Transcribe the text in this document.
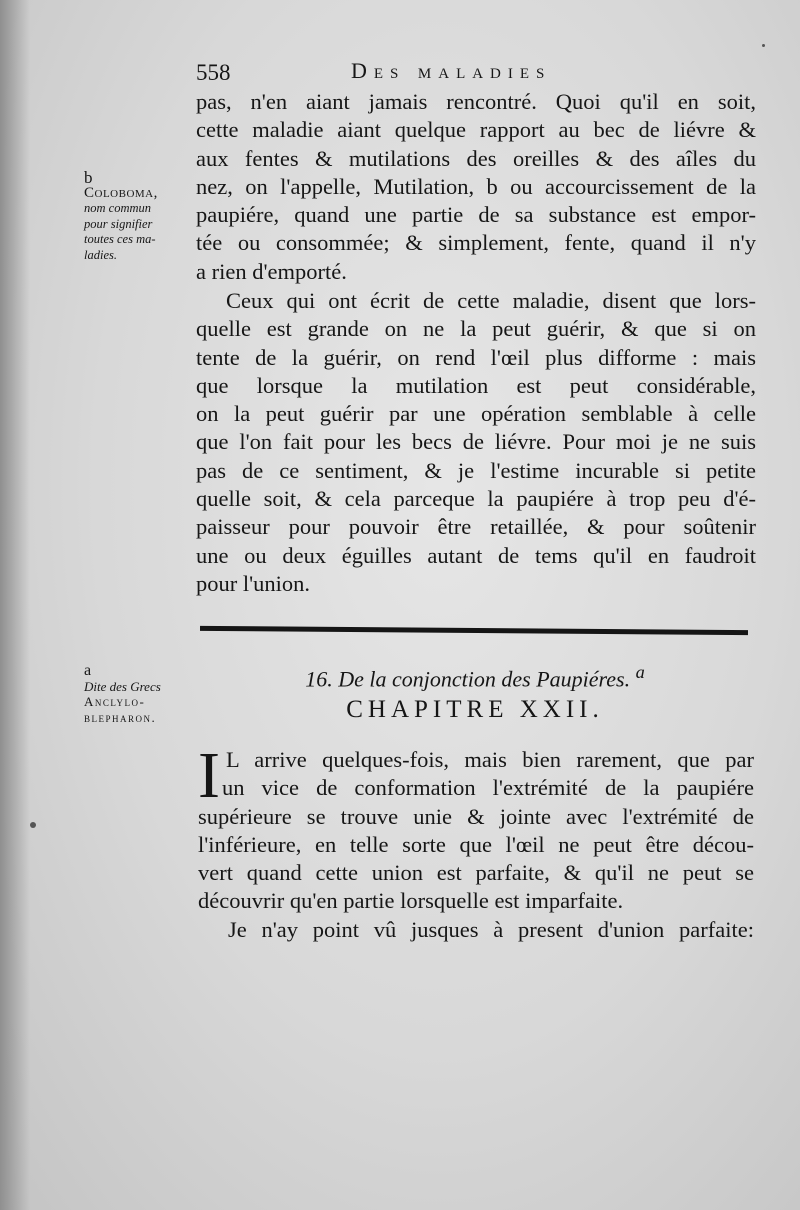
558	Des maladies
b
Coloboma,
nom commun
pour signifier
toutes ces ma-
ladies.
pas, n'en aiant jamais rencontré. Quoi qu'il en soit,
cette maladie aiant quelque rapport au bec de liévre &
aux fentes & mutilations des oreilles & des aîles du
nez, on l'appelle, Mutilation, b ou accourcissement de la
paupiére, quand une partie de sa substance est empor-
tée ou consommée; & simplement, fente, quand il n'y
a rien d'emporté.
Ceux qui ont écrit de cette maladie, disent que lors-
quelle est grande on ne la peut guérir, & que si on
tente de la guérir, on rend l'œil plus difforme : mais
que lorsque la mutilation est peut considérable,
on la peut guérir par une opération semblable à celle
que l'on fait pour les becs de liévre. Pour moi je ne suis
pas de ce sentiment, & je l'estime incurable si petite
quelle soit, & cela parceque la paupiére à trop peu d'é-
paisseur pour pouvoir être retaillée, & pour soûtenir
une ou deux éguilles autant de tems qu'il en faudroit
pour l'union.
a
Dite des Grecs
Anclylo-
blepharon.
16. De la conjonction des Paupiéres. $^a$
CHAPITRE XXII.
I L arrive quelques-fois, mais bien rarement, que par
un vice de conformation l'extrémité de la paupiére
supérieure se trouve unie & jointe avec l'extrémité de
l'inférieure, en telle sorte que l'œil ne peut être décou-
vert quand cette union est parfaite, & qu'il ne peut se
découvrir qu'en partie lorsquelle est imparfaite.
Je n'ay point vû jusques à present d'union parfaite:
